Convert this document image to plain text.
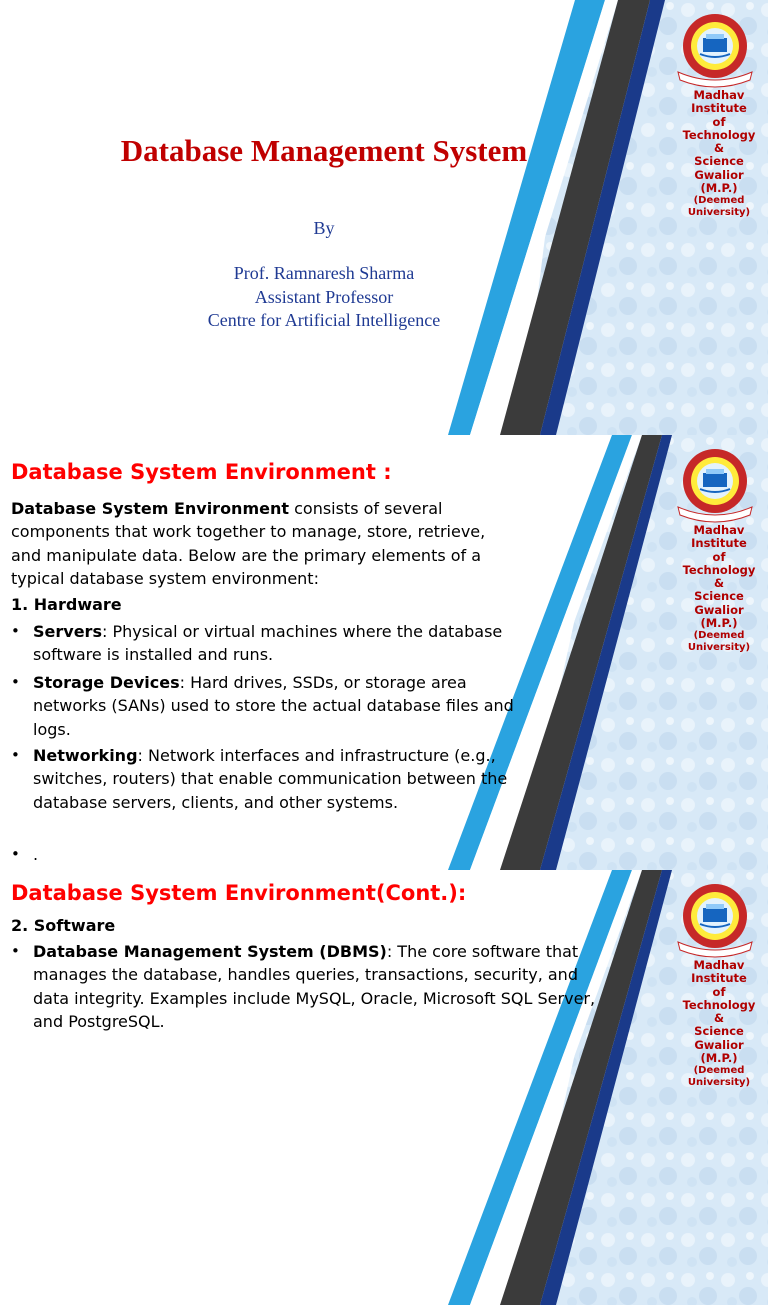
Madhav
Institute
of
Technology
&
Science
Gwalior (M.P.)
(Deemed
University)
Database Management System
By
Prof. Ramnaresh Sharma
Assistant Professor
Centre for Artificial Intelligence
Madhav
Institute
of
Technology
&
Science
Gwalior (M.P.)
(Deemed
University)
Database System Environment :
Database System Environment consists of several
components that work together to manage, store, retrieve,
and manipulate data. Below are the primary elements of a
typical database system environment:
1. Hardware
• Servers: Physical or virtual machines where the database
software is installed and runs.
• Storage Devices: Hard drives, SSDs, or storage area
networks (SANs) used to store the actual database files and
logs.
• Networking: Network interfaces and infrastructure (e.g.,
switches, routers) that enable communication between the
database servers, clients, and other systems.
• .
Madhav
Institute
of
Technology
&
Science
Gwalior (M.P.)
(Deemed
University)
Database System Environment(Cont.):
2. Software
• Database Management System (DBMS): The core software that
manages the database, handles queries, transactions, security, and
data integrity. Examples include MySQL, Oracle, Microsoft SQL Server,
and PostgreSQL.
